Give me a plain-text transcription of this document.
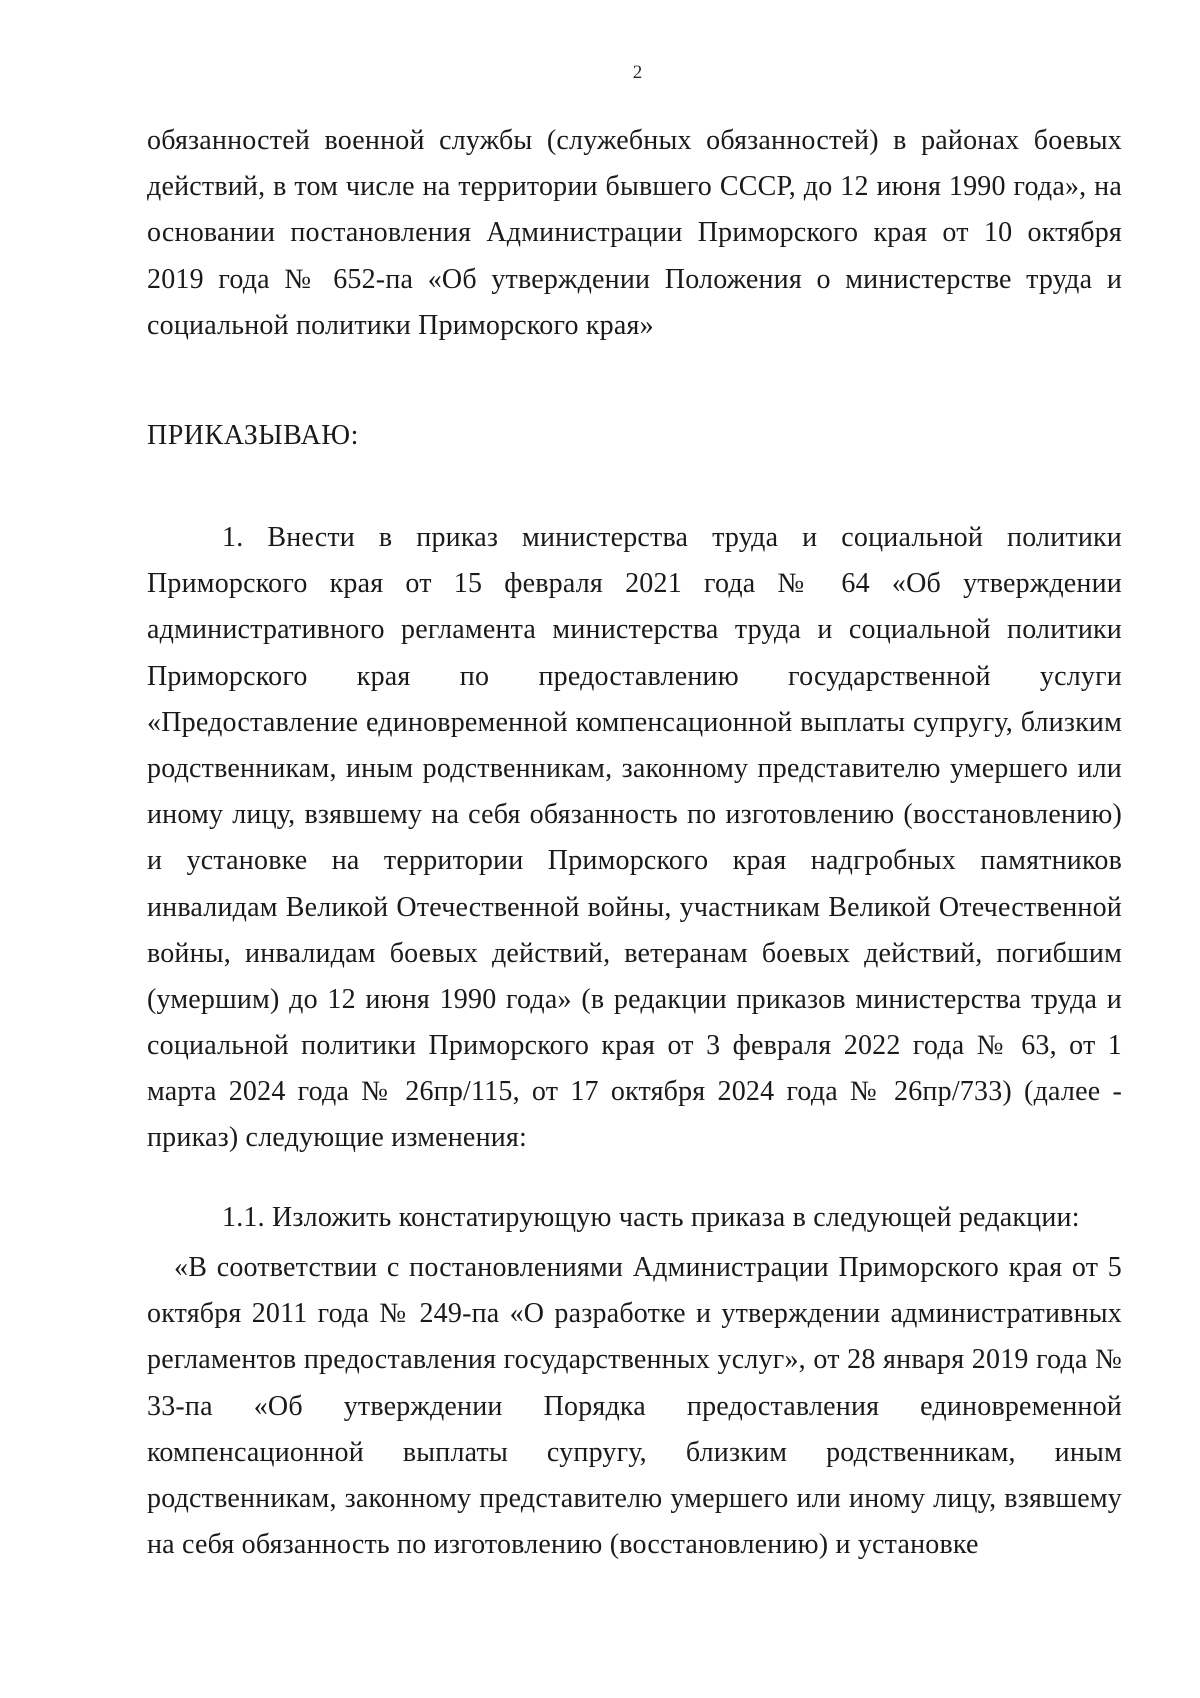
2
обязанностей военной службы (служебных обязанностей) в районах боевых действий, в том числе на территории бывшего СССР, до 12 июня 1990 года», на основании постановления Администрации Приморского края от 10 октября 2019 года № 652-па «Об утверждении Положения о министерстве труда и социальной политики Приморского края»
ПРИКАЗЫВАЮ:
1. Внести в приказ министерства труда и социальной политики Приморского края от 15 февраля 2021 года № 64 «Об утверждении административного регламента министерства труда и социальной политики Приморского края по предоставлению государственной услуги «Предоставление единовременной компенсационной выплаты супругу, близким родственникам, иным родственникам, законному представителю умершего или иному лицу, взявшему на себя обязанность по изготовлению (восстановлению) и установке на территории Приморского края надгробных памятников инвалидам Великой Отечественной войны, участникам Великой Отечественной войны, инвалидам боевых действий, ветеранам боевых действий, погибшим (умершим) до 12 июня 1990 года» (в редакции приказов министерства труда и социальной политики Приморского края от 3 февраля 2022 года № 63, от 1 марта 2024 года № 26пр/115, от 17 октября 2024 года № 26пр/733) (далее - приказ) следующие изменения:
1.1. Изложить констатирующую часть приказа в следующей редакции:
«В соответствии с постановлениями Администрации Приморского края от 5 октября 2011 года № 249-па «О разработке и утверждении административных регламентов предоставления государственных услуг», от 28 января 2019 года № 33-па «Об утверждении Порядка предоставления единовременной компенсационной выплаты супругу, близким родственникам, иным родственникам, законному представителю умершего или иному лицу, взявшему на себя обязанность по изготовлению (восстановлению) и установке
